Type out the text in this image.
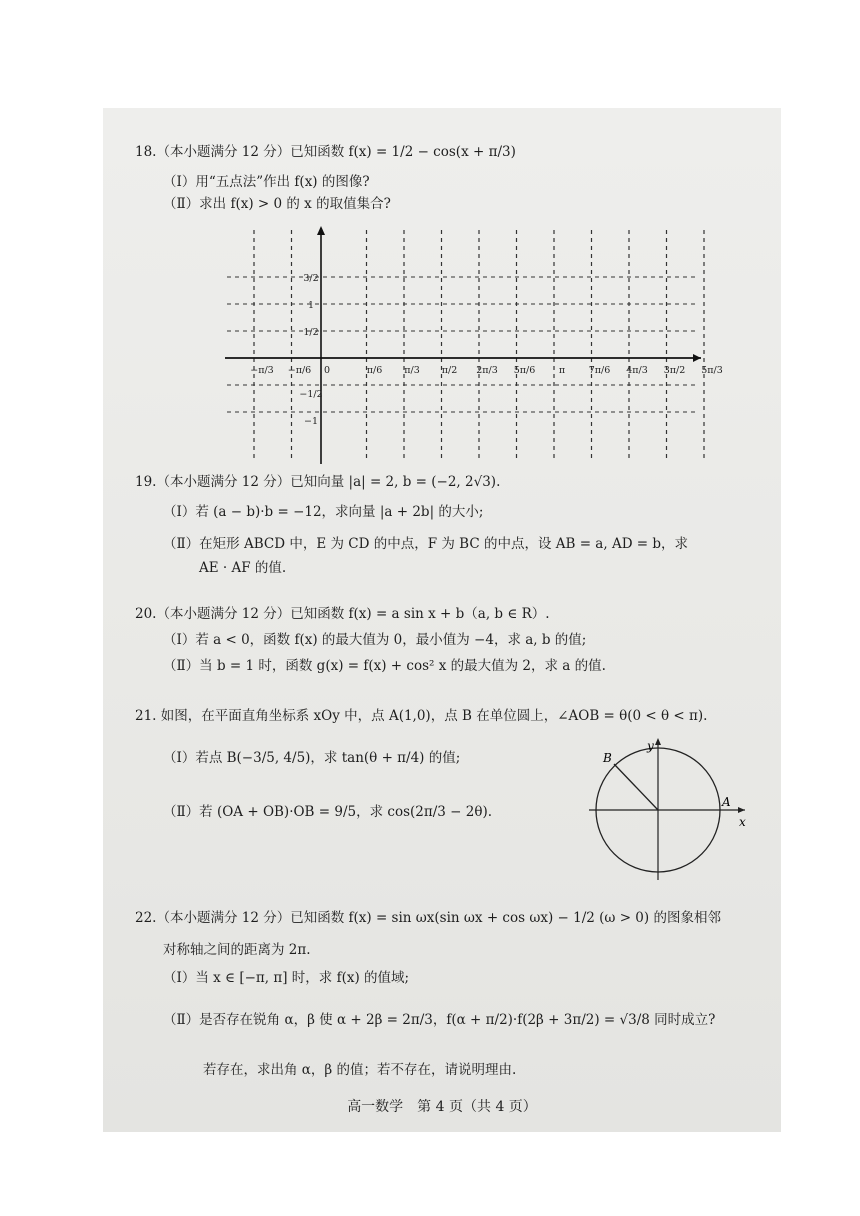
18.（本小题满分 12 分）已知函数 f(x) = 1/2 − cos(x + π/3)
（Ⅰ）用“五点法”作出 f(x) 的图像?
（Ⅱ）求出 f(x) > 0 的 x 的取值集合?
−π/3 −π/6 0	π/6 π/3 π/2 2π/3 5π/6 π 7π/6 4π/3 3π/2 5π/3
3/2
1
1/2
−1/2
−1
19.（本小题满分 12 分）已知向量 |a| = 2, b = (−2, 2√3).
（Ⅰ）若 (a − b)·b = −12，求向量 |a + 2b| 的大小;
（Ⅱ）在矩形 ABCD 中，E 为 CD 的中点，F 为 BC 的中点，设 AB = a, AD = b，求
AE · AF 的值.
20.（本小题满分 12 分）已知函数 f(x) = a sin x + b（a, b ∈ R）.
（Ⅰ）若 a < 0，函数 f(x) 的最大值为 0，最小值为 −4，求 a, b 的值;
（Ⅱ）当 b = 1 时，函数 g(x) = f(x) + cos² x 的最大值为 2，求 a 的值.
21. 如图，在平面直角坐标系 xOy 中，点 A(1,0)，点 B 在单位圆上，∠AOB = θ(0 < θ < π).
（Ⅰ）若点 B(−3/5, 4/5)，求 tan(θ + π/4) 的值;
（Ⅱ）若 (OA + OB)·OB = 9/5，求 cos(2π/3 − 2θ).
y
x
A
B
22.（本小题满分 12 分）已知函数 f(x) = sin ωx(sin ωx + cos ωx) − 1/2 (ω > 0) 的图象相邻
对称轴之间的距离为 2π.
（Ⅰ）当 x ∈ [−π, π] 时，求 f(x) 的值域;
（Ⅱ）是否存在锐角 α，β 使 α + 2β = 2π/3，f(α + π/2)·f(2β + 3π/2) = √3/8 同时成立?
若存在，求出角 α，β 的值；若不存在，请说明理由.
高一数学　第 4 页（共 4 页）
